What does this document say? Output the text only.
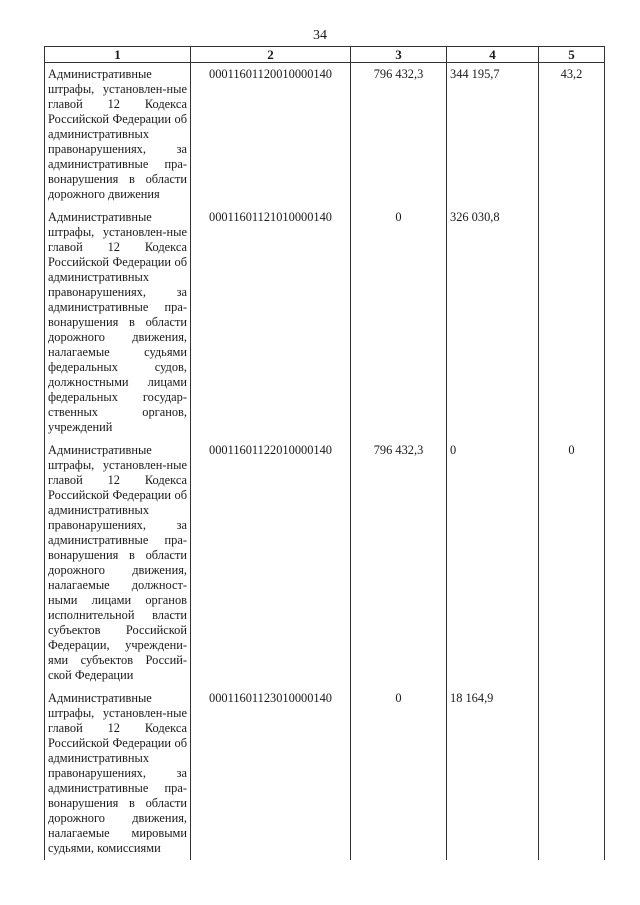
34
1	2	3	4	5

Административные штрафы, установлен-ные главой 12 Кодекса Российской Федерации об административных правонарушениях, за административные пра-вонарушения в области дорожного движения	00011601120010000140	796 432,3	344 195,7	43,2

Административные штрафы, установлен-ные главой 12 Кодекса Российской Федерации об административных правонарушениях, за административные пра-вонарушения в области дорожного движения, налагаемые судьями федеральных судов, должностными лицами федеральных государ-ственных органов, учреждений	00011601121010000140	0	326 030,8	

Административные штрафы, установлен-ные главой 12 Кодекса Российской Федерации об административных правонарушениях, за административные пра-вонарушения в области дорожного движения, налагаемые должност-ными лицами органов исполнительной власти субъектов Российской Федерации, учреждени-ями субъектов Россий-ской Федерации	00011601122010000140	796 432,3	0	0

Административные штрафы, установлен-ные главой 12 Кодекса Российской Федерации об административных правонарушениях, за административные пра-вонарушения в области дорожного движения, налагаемые мировыми судьями, комиссиями	00011601123010000140	0	18 164,9	
